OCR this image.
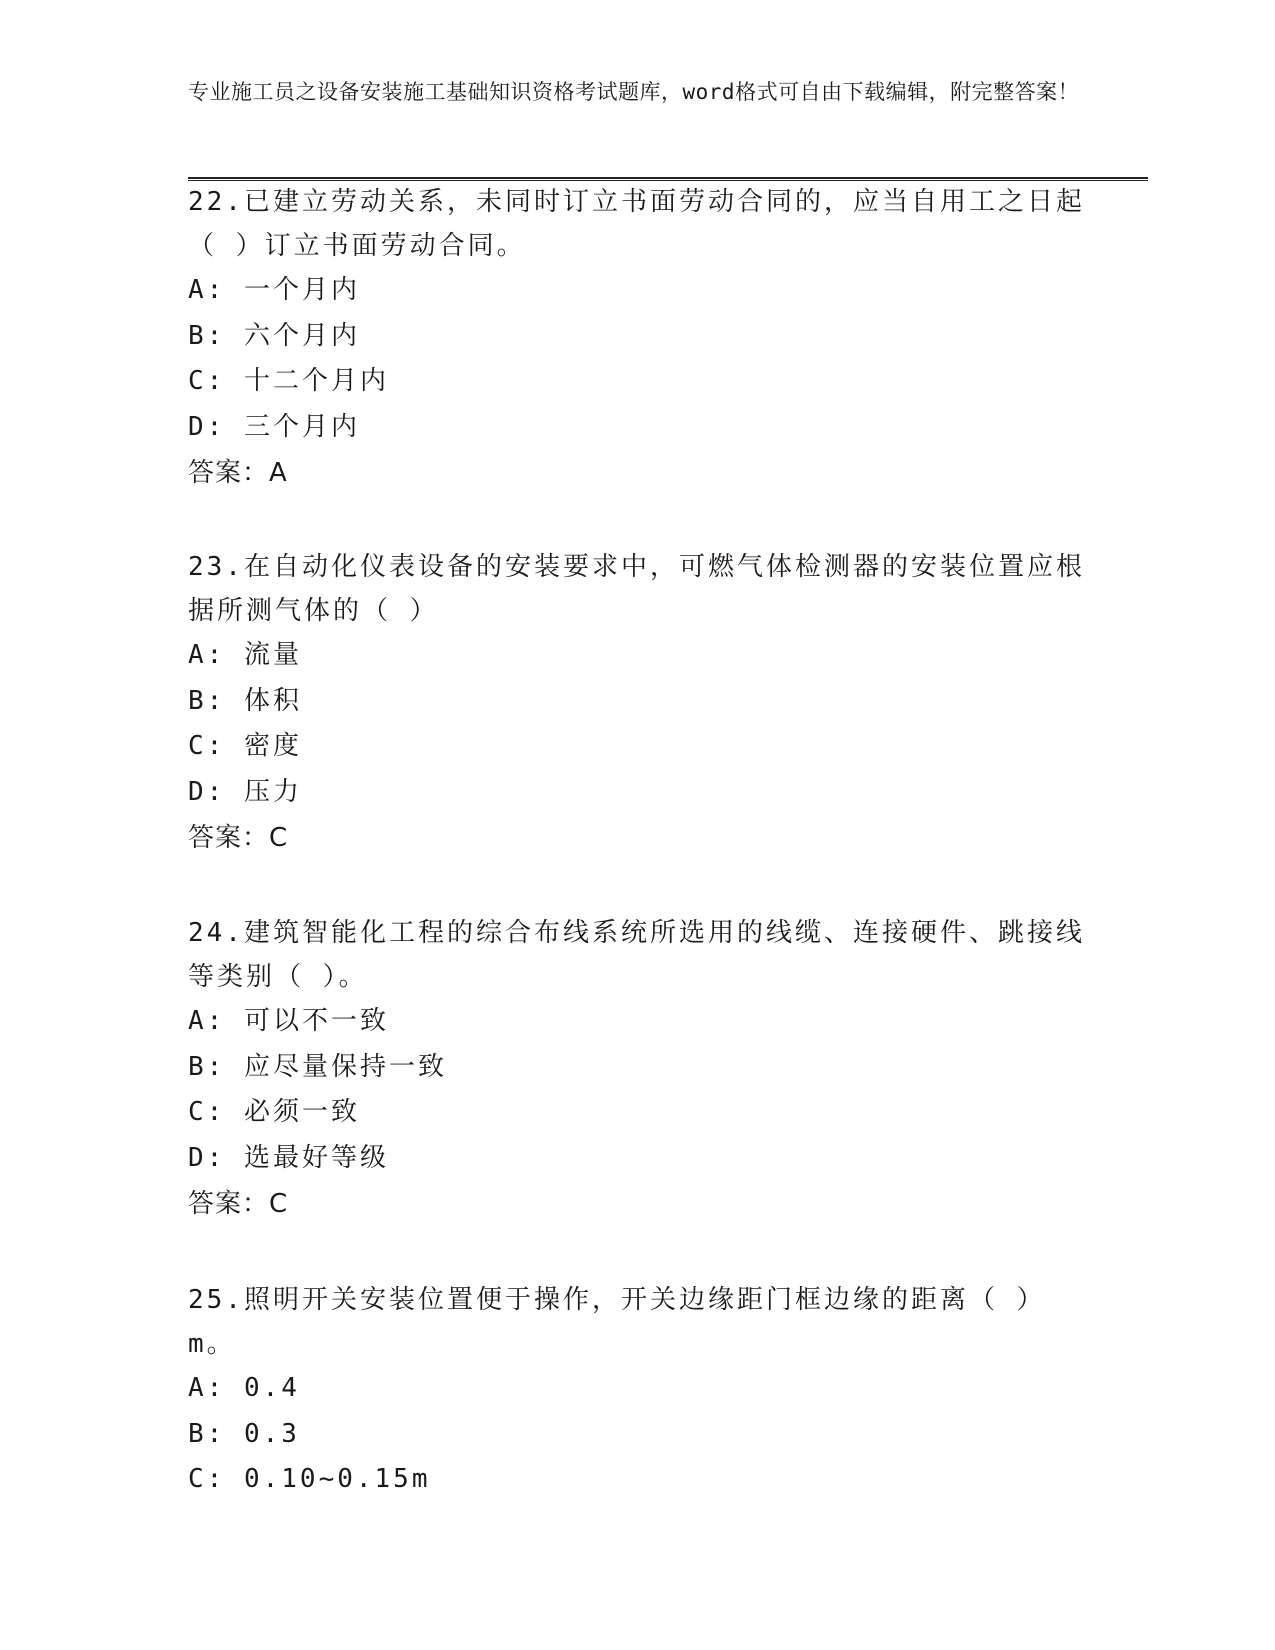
专业施工员之设备安装施工基础知识资格考试题库，word格式可自由下载编辑，附完整答案！

22.已建立劳动关系，未同时订立书面劳动合同的，应当自用工之日起（ ）订立书面劳动合同。

A: 一个月内

B: 六个月内

C: 十二个月内

D: 三个月内

答案：A

23.在自动化仪表设备的安装要求中，可燃气体检测器的安装位置应根据所测气体的（ ）

A: 流量

B: 体积

C: 密度

D: 压力

答案：C

24.建筑智能化工程的综合布线系统所选用的线缆、连接硬件、跳接线等类别（ ）。

A: 可以不一致

B: 应尽量保持一致

C: 必须一致

D: 选最好等级

答案：C

25.照明开关安装位置便于操作，开关边缘距门框边缘的距离（ ）m。

A: 0.4

B: 0.3

C: 0.10~0.15m
